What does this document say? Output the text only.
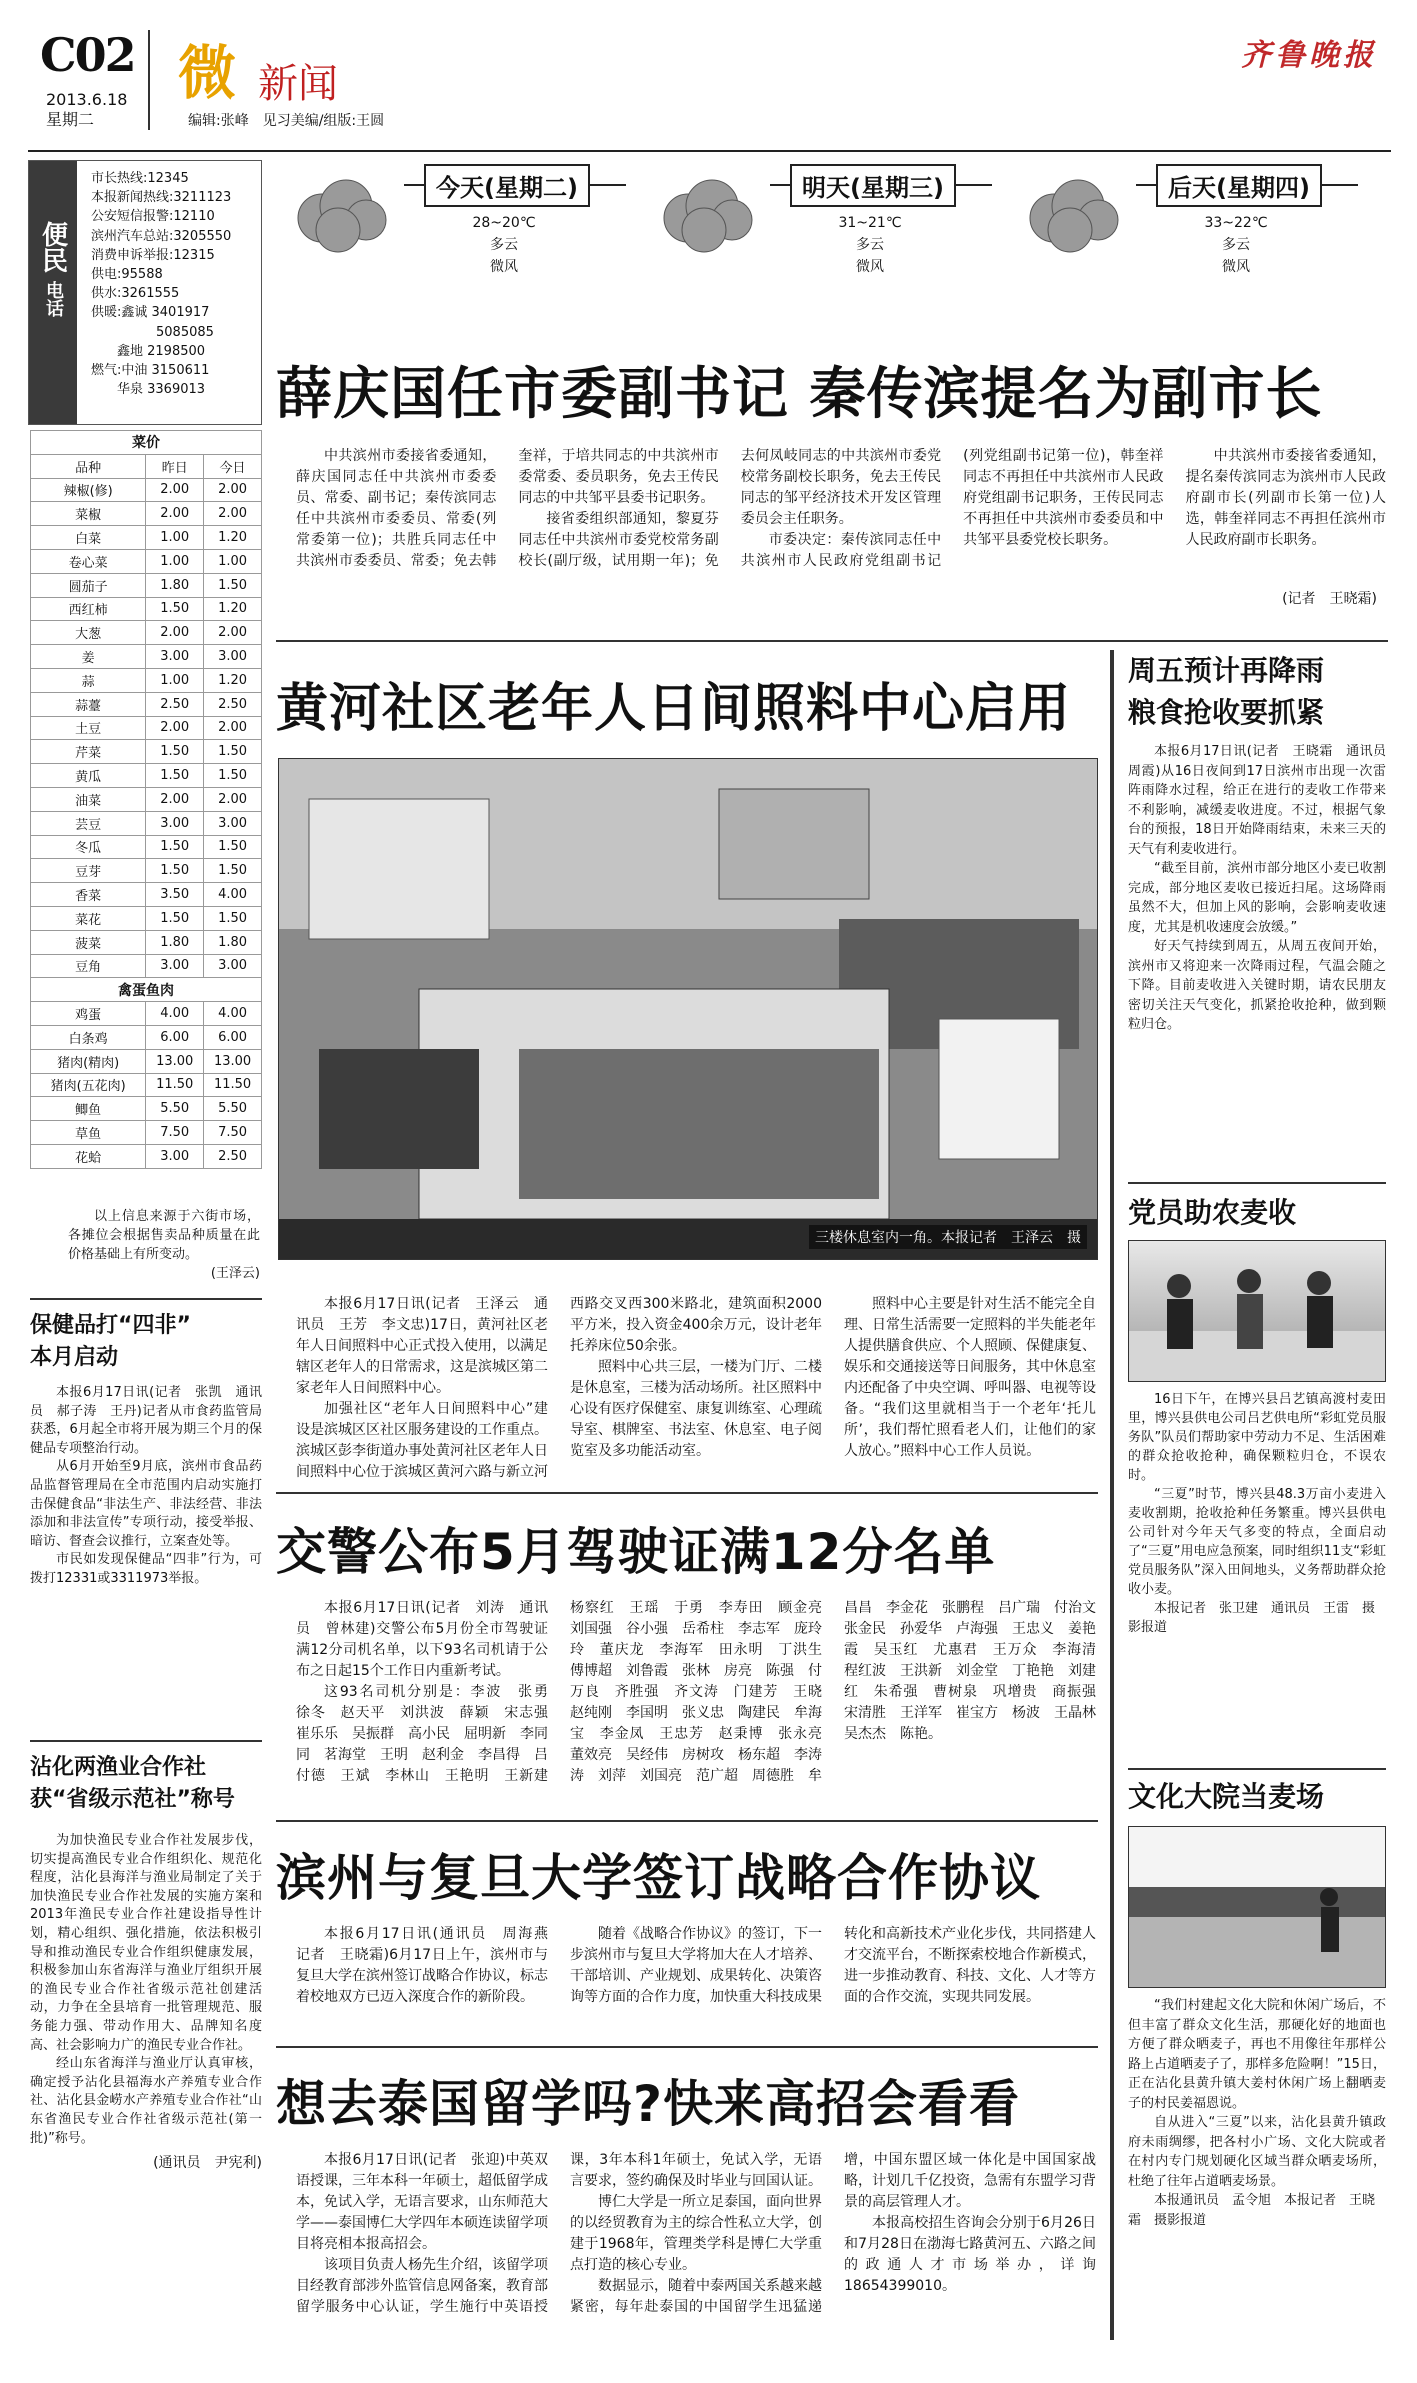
C02
2013.6.18
星期二
微 新闻
编辑:张峰　见习美编/组版:王圆
齐鲁晚报
便民
电话
市长热线:12345
本报新闻热线:3211123
公安短信报警:12110
滨州汽车总站:3205550
消费申诉举报:12315
供电:95588
供水:3261555
供暖:鑫诚 3401917
　　　　　5085085
　　鑫地 2198500
燃气:中油 3150611
　　华泉 3369013
菜价		
品种	昨日	今日
辣椒(修)	2.00	2.00
菜椒	2.00	2.00
白菜	1.00	1.20
卷心菜	1.00	1.00
圆茄子	1.80	1.50
西红柿	1.50	1.20
大葱	2.00	2.00
姜	3.00	3.00
蒜	1.00	1.20
蒜薹	2.50	2.50
土豆	2.00	2.00
芹菜	1.50	1.50
黄瓜	1.50	1.50
油菜	2.00	2.00
芸豆	3.00	3.00
冬瓜	1.50	1.50
豆芽	1.50	1.50
香菜	3.50	4.00
菜花	1.50	1.50
菠菜	1.80	1.80
豆角	3.00	3.00
禽蛋鱼肉		
鸡蛋	4.00	4.00
白条鸡	6.00	6.00
猪肉(精肉)	13.00	13.00
猪肉(五花肉)	11.50	11.50
鲫鱼	5.50	5.50
草鱼	7.50	7.50
花蛤	3.00	2.50
以上信息来源于六街市场，各摊位会根据售卖品种质量在此价格基础上有所变动。
(王泽云)
保健品打“四非”
本月启动

本报6月17日讯(记者　张凯　通讯员　郝子涛　王丹)记者从市食药监管局获悉，6月起全市将开展为期三个月的保健品专项整治行动。

从6月开始至9月底，滨州市食品药品监督管理局在全市范围内启动实施打击保健食品“非法生产、非法经营、非法添加和非法宣传”专项行动，接受举报、暗访、督查会议推行，立案查处等。

市民如发现保健品“四非”行为，可拨打12331或3311973举报。

沾化两渔业合作社
获“省级示范社”称号

为加快渔民专业合作社发展步伐，切实提高渔民专业合作组织化、规范化程度，沾化县海洋与渔业局制定了关于加快渔民专业合作社发展的实施方案和2013年渔民专业合作社建设指导性计划，精心组织、强化措施，依法积极引导和推动渔民专业合作组织健康发展，积极参加山东省海洋与渔业厅组织开展的渔民专业合作社省级示范社创建活动，力争在全县培育一批管理规范、服务能力强、带动作用大、品牌知名度高、社会影响力广的渔民专业合作社。

经山东省海洋与渔业厅认真审核，确定授予沾化县福海水产养殖专业合作社、沾化县金崂水产养殖专业合作社“山东省渔民专业合作社省级示范社(第一批)”称号。

(通讯员　尹宪利)
今天(星期二)
28~20℃
多云
微风
明天(星期三)
31~21℃
多云
微风
后天(星期四)
33~22℃
多云
微风
薛庆国任市委副书记 秦传滨提名为副市长

中共滨州市委接省委通知，薛庆国同志任中共滨州市委委员、常委、副书记；秦传滨同志任中共滨州市委委员、常委(列常委第一位)；共胜兵同志任中共滨州市委委员、常委；免去韩奎祥，于培共同志的中共滨州市委常委、委员职务，免去王传民同志的中共邹平县委书记职务。

接省委组织部通知，黎夏芬同志任中共滨州市委党校常务副校长(副厅级，试用期一年)；免去何凤岐同志的中共滨州市委党校常务副校长职务，免去王传民同志的邹平经济技术开发区管理委员会主任职务。

市委决定：秦传滨同志任中共滨州市人民政府党组副书记(列党组副书记第一位)，韩奎祥同志不再担任中共滨州市人民政府党组副书记职务，王传民同志不再担任中共滨州市委委员和中共邹平县委党校长职务。

中共滨州市委接省委通知，提名秦传滨同志为滨州市人民政府副市长(列副市长第一位)人选，韩奎祥同志不再担任滨州市人民政府副市长职务。

(记者　王晓霜)
黄河社区老年人日间照料中心启用
三楼休息室内一角。本报记者　王泽云　摄

本报6月17日讯(记者　王泽云　通讯员　王芳　李文忠)17日，黄河社区老年人日间照料中心正式投入使用，以满足辖区老年人的日常需求，这是滨城区第二家老年人日间照料中心。

加强社区“老年人日间照料中心”建设是滨城区区社区服务建设的工作重点。滨城区彭李街道办事处黄河社区老年人日间照料中心位于滨城区黄河六路与新立河西路交叉西300米路北，建筑面积2000平方米，投入资金400余万元，设计老年托养床位50余张。

照料中心共三层，一楼为门厅、二楼是休息室，三楼为活动场所。社区照料中心设有医疗保健室、康复训练室、心理疏导室、棋牌室、书法室、休息室、电子阅览室及多功能活动室。

照料中心主要是针对生活不能完全自理、日常生活需要一定照料的半失能老年人提供膳食供应、个人照顾、保健康复、娱乐和交通接送等日间服务，其中休息室内还配备了中央空调、呼叫器、电视等设备。“我们这里就相当于一个老年‘托儿所’，我们帮忙照看老人们，让他们的家人放心。”照料中心工作人员说。

交警公布5月驾驶证满12分名单

本报6月17日讯(记者　刘涛　通讯员　曾林建)交警公布5月份全市驾驶证满12分司机名单，以下93名司机请于公布之日起15个工作日内重新考试。

这93名司机分别是：李波　张勇　徐冬　赵天平　刘洪波　薛颖　宋志强　崔乐乐　吴振群　高小民　屈明新　李同同　茗海堂　王明　赵利金　李昌得　吕付德　王斌　李林山　王艳明　王新建　杨察红　王瑶　于勇　李寿田　顾金亮　刘国强　谷小强　岳希柱　李志军　庞玲玲　董庆龙　李海军　田永明　丁洪生　傅博超　刘鲁霞　张林　房亮　陈强　付万良　齐胜强　齐文涛　门建芳　王晓　赵纯刚　李国明　张义忠　陶建民　牟海宝　李金凤　王忠芳　赵秉博　张永亮　董效亮　吴经伟　房树攻　杨东超　李涛涛　刘萍　刘国亮　范广超　周德胜　牟昌昌　李金花　张鹏程　吕广瑞　付治文　张金民　孙爱华　卢海强　王忠义　姜艳霞　吴玉红　尤惠君　王万众　李海清　程红波　王洪新　刘金堂　丁艳艳　刘建红　朱希强　曹树泉　巩增贵　商振强　宋清胜　王洋军　崔宝方　杨波　王晶林　吴杰杰　陈艳。

滨州与复旦大学签订战略合作协议

本报6月17日讯(通讯员　周海燕　记者　王晓霜)6月17日上午，滨州市与复旦大学在滨州签订战略合作协议，标志着校地双方已迈入深度合作的新阶段。

随着《战略合作协议》的签订，下一步滨州市与复旦大学将加大在人才培养、干部培训、产业规划、成果转化、决策咨询等方面的合作力度，加快重大科技成果转化和高新技术产业化步伐，共同搭建人才交流平台，不断探索校地合作新模式，进一步推动教育、科技、文化、人才等方面的合作交流，实现共同发展。

想去泰国留学吗?快来高招会看看

本报6月17日讯(记者　张迎)中英双语授课，三年本科一年硕士，超低留学成本，免试入学，无语言要求，山东师范大学——泰国博仁大学四年本硕连读留学项目将亮相本报高招会。

该项目负责人杨先生介绍，该留学项目经教育部涉外监管信息网备案，教育部留学服务中心认证，学生施行中英语授课，3年本科1年硕士，免试入学，无语言要求，签约确保及时毕业与回国认证。

博仁大学是一所立足泰国，面向世界的以经贸教育为主的综合性私立大学，创建于1968年，管理类学科是博仁大学重点打造的核心专业。

数据显示，随着中泰两国关系越来越紧密，每年赴泰国的中国留学生迅猛递增，中国东盟区域一体化是中国国家战略，计划几千亿投资，急需有东盟学习背景的高层管理人才。

本报高校招生咨询会分别于6月26日和7月28日在渤海七路黄河五、六路之间的政通人才市场举办，详询18654399010。

周五预计再降雨
粮食抢收要抓紧

本报6月17日讯(记者　王晓霜　通讯员　周霞)从16日夜间到17日滨州市出现一次雷阵雨降水过程，给正在进行的麦收工作带来不利影响，减缓麦收进度。不过，根据气象台的预报，18日开始降雨结束，未来三天的天气有利麦收进行。

“截至目前，滨州市部分地区小麦已收割完成，部分地区麦收已接近扫尾。这场降雨虽然不大，但加上风的影响，会影响麦收速度，尤其是机收速度会放缓。”

好天气持续到周五，从周五夜间开始，滨州市又将迎来一次降雨过程，气温会随之下降。目前麦收进入关键时期，请农民朋友密切关注天气变化，抓紧抢收抢种，做到颗粒归仓。

党员助农麦收

16日下午，在博兴县吕艺镇高渡村麦田里，博兴县供电公司吕艺供电所“彩虹党员服务队”队员们帮助家中劳动力不足、生活困难的群众抢收抢种，确保颗粒归仓，不误农时。

“三夏”时节，博兴县48.3万亩小麦进入麦收割期，抢收抢种任务繁重。博兴县供电公司针对今年天气多变的特点，全面启动了“三夏”用电应急预案，同时组织11支“彩虹党员服务队”深入田间地头，义务帮助群众抢收小麦。

本报记者　张卫建　通讯员　王雷　摄影报道
文化大院当麦场

“我们村建起文化大院和休闲广场后，不但丰富了群众文化生活，那硬化好的地面也方便了群众晒麦子，再也不用像往年那样公路上占道晒麦子了，那样多危险啊！”15日，正在沾化县黄升镇大姜村休闲广场上翻晒麦子的村民姜福恩说。

自从进入“三夏”以来，沾化县黄升镇政府未雨绸缪，把各村小广场、文化大院或者在村内专门规划硬化区域当群众晒麦场所，杜绝了往年占道晒麦场景。

本报通讯员　孟令旭　本报记者　王晓霜　摄影报道
